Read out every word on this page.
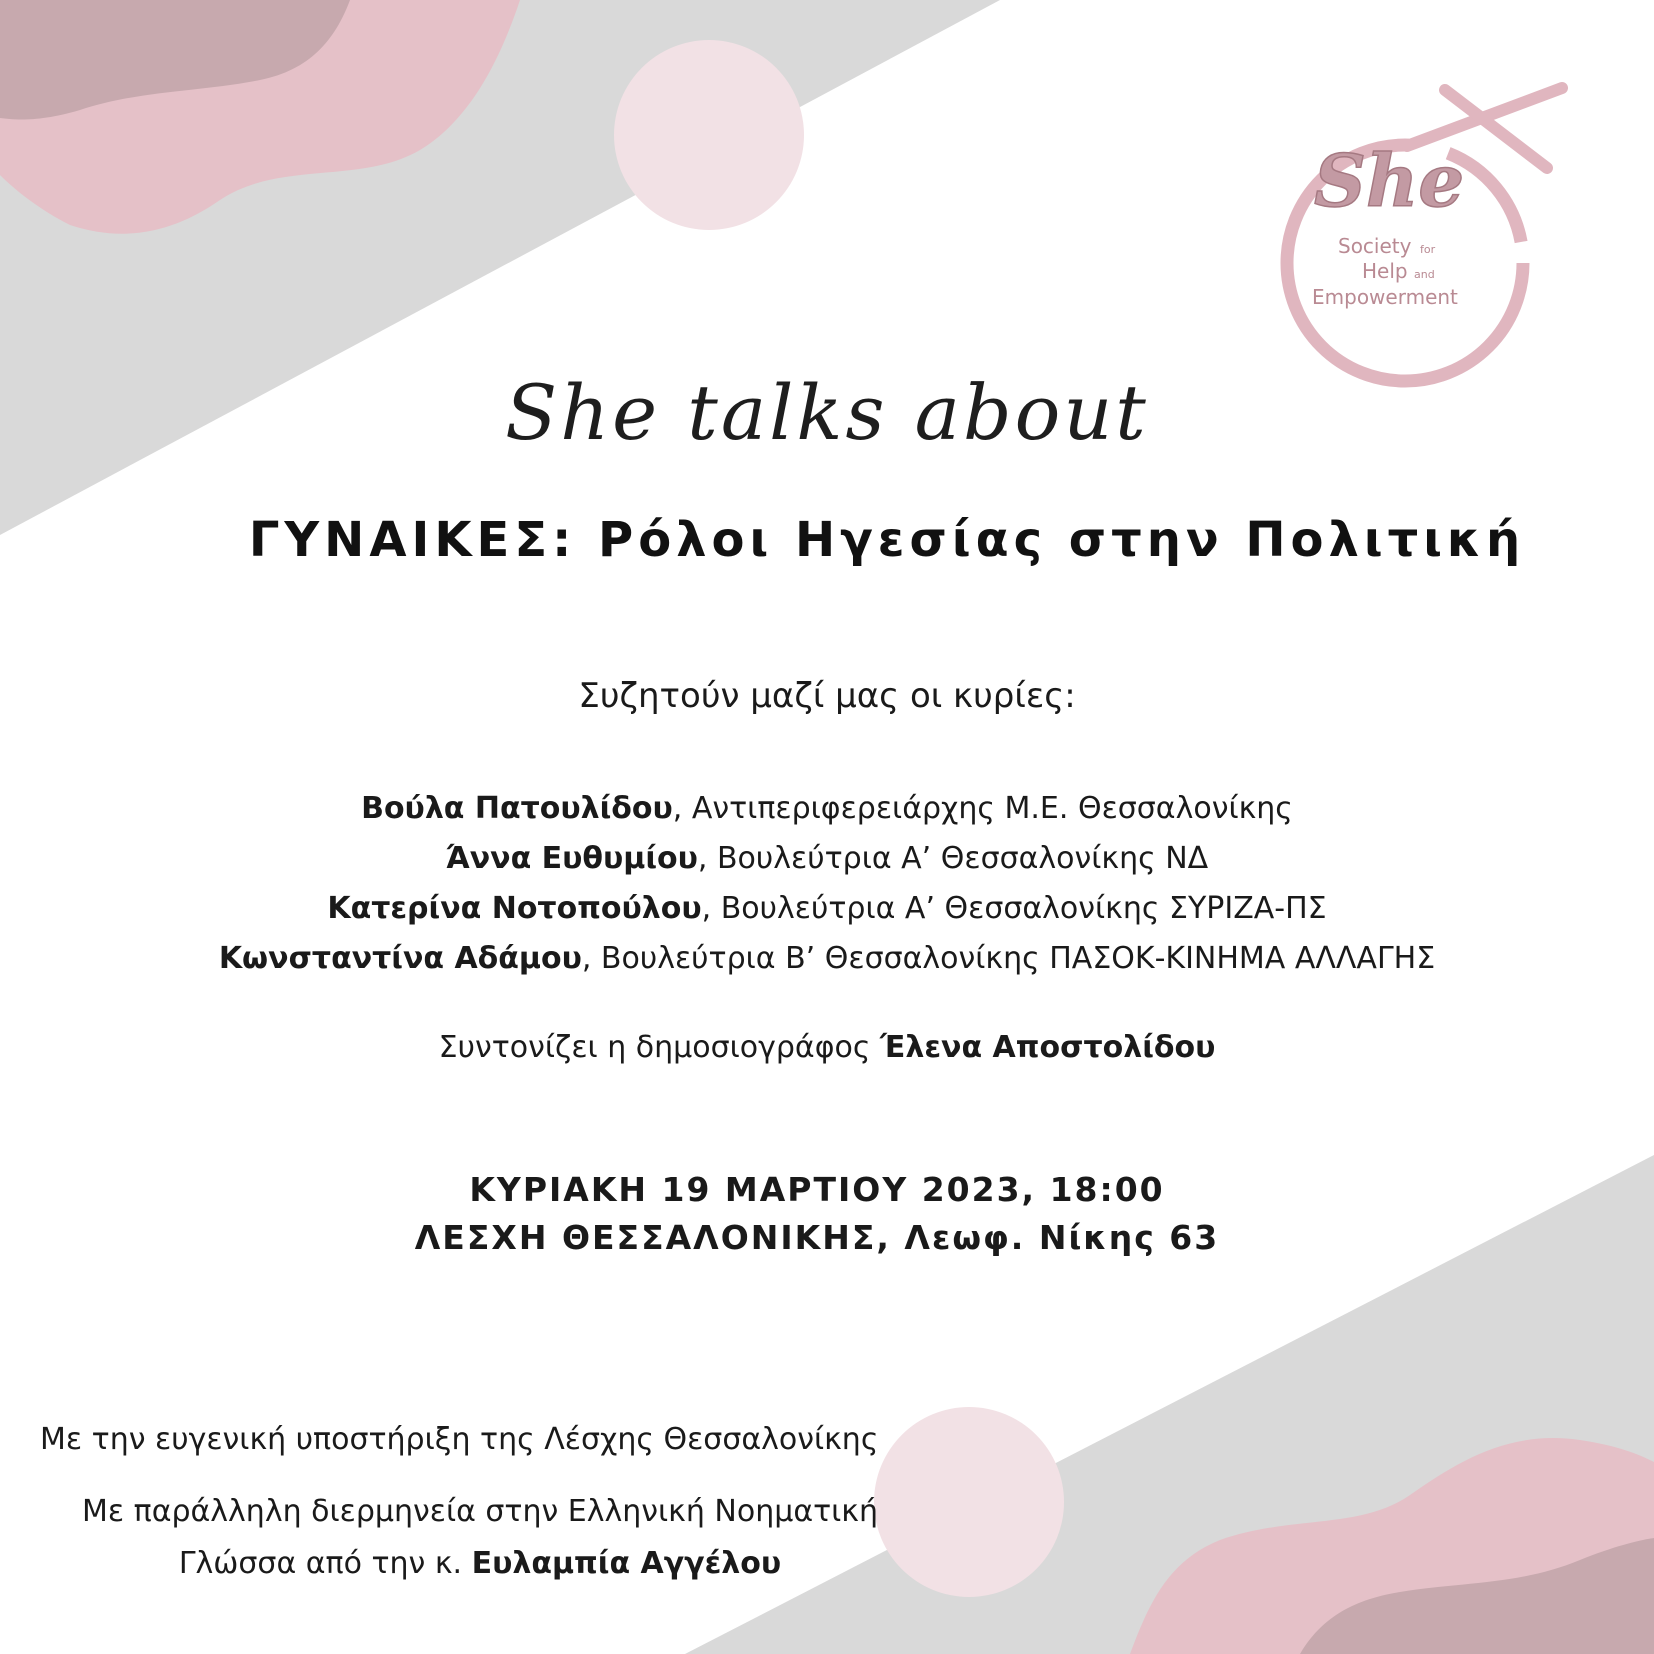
She
Society for
Help and
Empowerment
She talks about
ΓΥΝΑΙΚΕΣ: Ρόλοι Ηγεσίας στην Πολιτική
Συζητούν μαζί μας οι κυρίες:
Βούλα Πατουλίδου, Αντιπεριφερειάρχης Μ.Ε. Θεσσαλονίκης
Άννα Ευθυμίου, Βουλεύτρια Α’ Θεσσαλονίκης ΝΔ
Κατερίνα Νοτοπούλου, Βουλεύτρια Α’ Θεσσαλονίκης ΣΥΡΙΖΑ-ΠΣ
Κωνσταντίνα Αδάμου, Βουλεύτρια Β’ Θεσσαλονίκης ΠΑΣΟΚ-ΚΙΝΗΜΑ ΑΛΛΑΓΗΣ
Συντονίζει η δημοσιογράφος Έλενα Αποστολίδου
ΚΥΡΙΑΚΗ 19 ΜΑΡΤΙΟΥ 2023, 18:00
ΛΕΣΧΗ ΘΕΣΣΑΛΟΝΙΚΗΣ, Λεωφ. Νίκης 63
Με την ευγενική υποστήριξη της Λέσχης Θεσσαλονίκης
Με παράλληλη διερμηνεία στην Ελληνική Νοηματική
Γλώσσα από την κ. Ευλαμπία Αγγέλου
